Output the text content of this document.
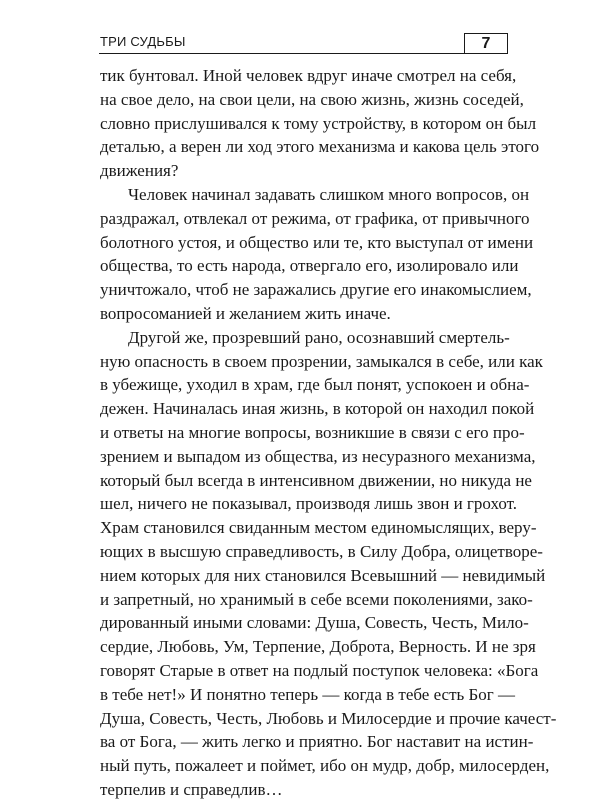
ТРИ СУДЬБЫ	7
тик бунтовал. Иной человек вдруг иначе смотрел на себя,
на свое дело, на свои цели, на свою жизнь, жизнь соседей,
словно прислушивался к тому устройству, в котором он был
деталью, а верен ли ход этого механизма и какова цель этого
движения?
Человек начинал задавать слишком много вопросов, он
раздражал, отвлекал от режима, от графика, от привычного
болотного устоя, и общество или те, кто выступал от имени
общества, то есть народа, отвергало его, изолировало или
уничтожало, чтоб не заражались другие его инакомыслием,
вопросоманией и желанием жить иначе.
Другой же, прозревший рано, осознавший смертель-
ную опасность в своем прозрении, замыкался в себе, или как
в убежище, уходил в храм, где был понят, успокоен и обна-
дежен. Начиналась иная жизнь, в которой он находил покой
и ответы на многие вопросы, возникшие в связи с его про-
зрением и выпадом из общества, из несуразного механизма,
который был всегда в интенсивном движении, но никуда не
шел, ничего не показывал, производя лишь звон и грохот.
Храм становился свиданным местом единомыслящих, веру-
ющих в высшую справедливость, в Силу Добра, олицетворе-
нием которых для них становился Всевышний — невидимый
и запретный, но хранимый в себе всеми поколениями, зако-
дированный иными словами: Душа, Совесть, Честь, Мило-
сердие, Любовь, Ум, Терпение, Доброта, Верность. И не зря
говорят Старые в ответ на подлый поступок человека: «Бога
в тебе нет!» И понятно теперь — когда в тебе есть Бог —
Душа, Совесть, Честь, Любовь и Милосердие и прочие качест-
ва от Бога, — жить легко и приятно. Бог наставит на истин-
ный путь, пожалеет и поймет, ибо он мудр, добр, милосерден,
терпелив и справедлив…
